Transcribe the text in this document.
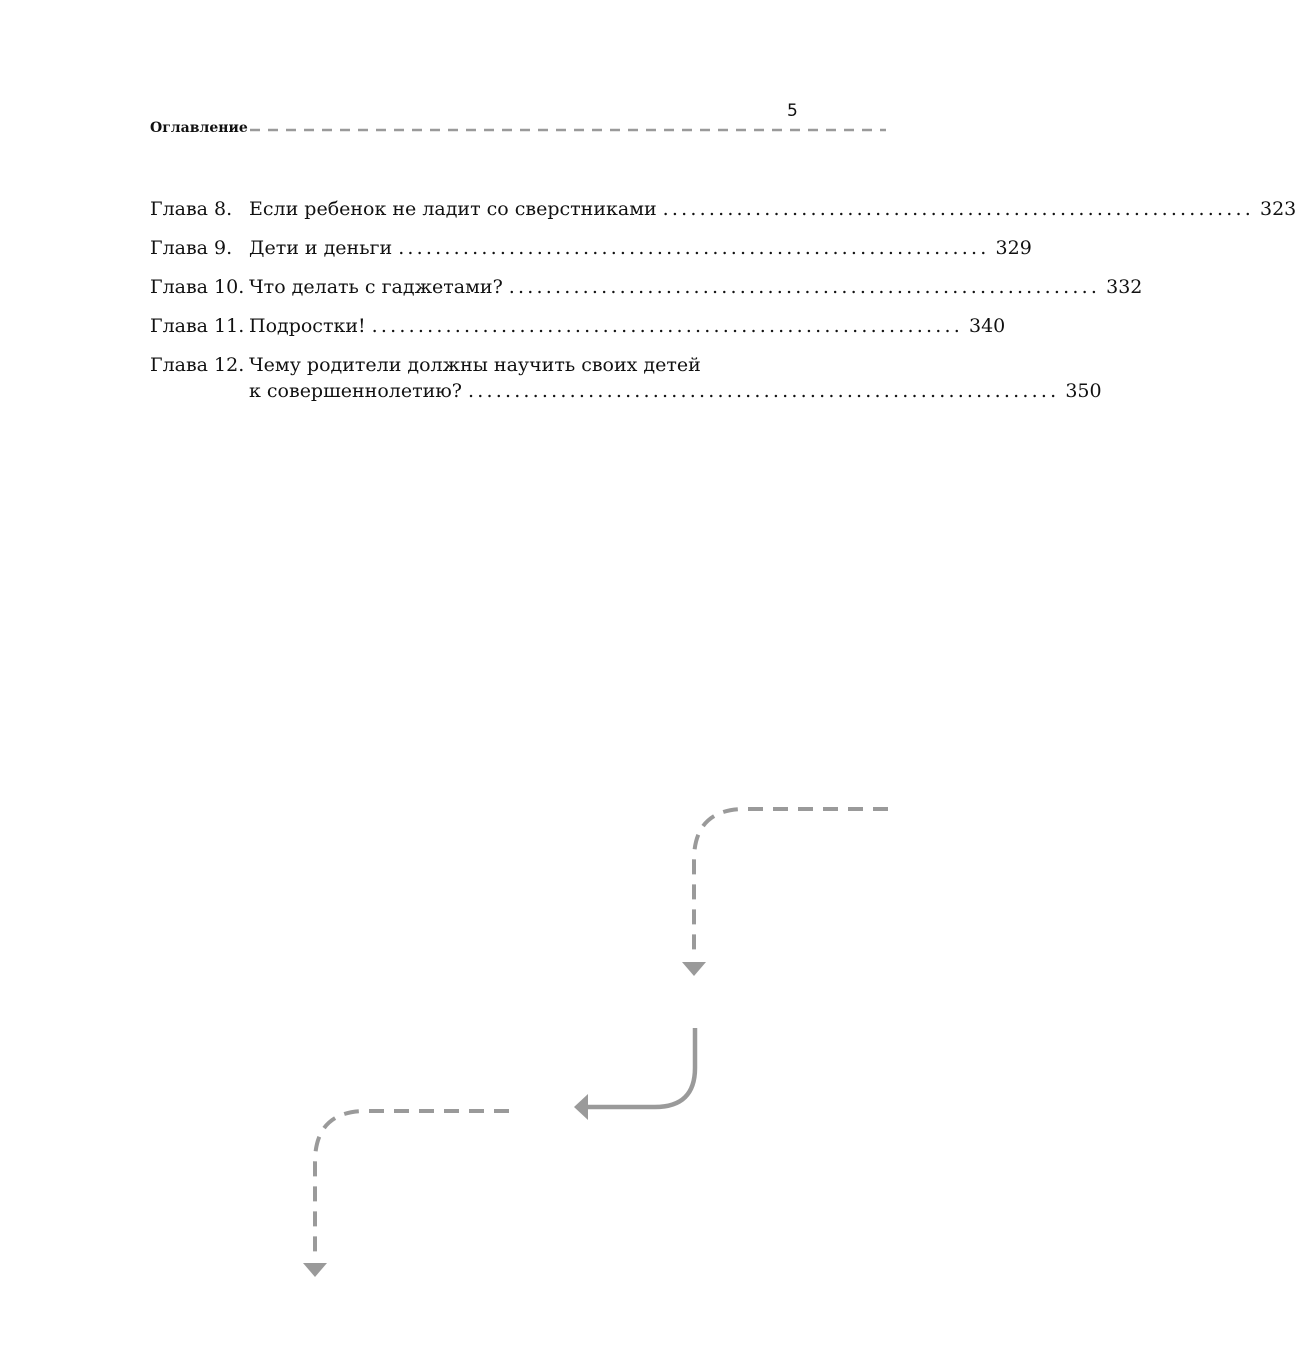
5
Оглавление
Глава 8. Если ребенок не ладит со сверстниками ................................................................ 323
Глава 9. Дети и деньги ................................................................ 329
Глава 10. Что делать с гаджетами? ................................................................ 332
Глава 11. Подростки! ................................................................ 340
Глава 12. Чему родители должны научить своих детей
к совершеннолетию? ................................................................ 350
